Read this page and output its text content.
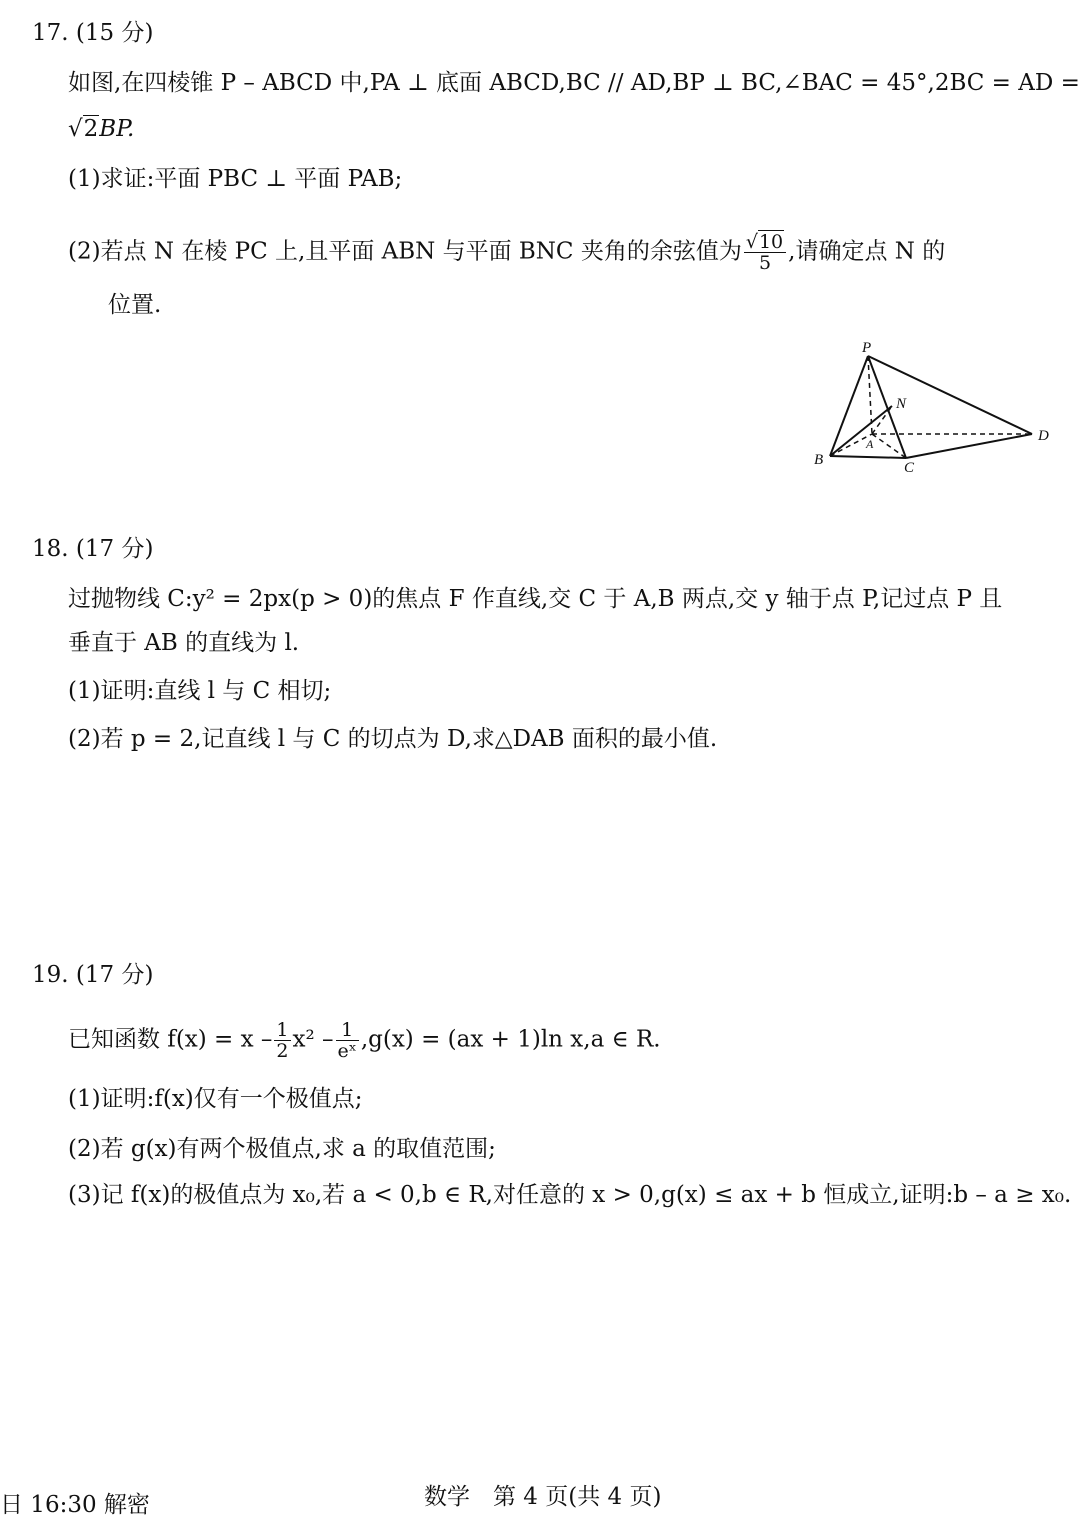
17. (15 分)
如图,在四棱锥 P – ABCD 中,PA ⊥ 底面 ABCD,BC // AD,BP ⊥ BC,∠BAC = 45°,2BC = AD =
√2BP.
(1)求证:平面 PBC ⊥ 平面 PAB;
(2)若点 N 在棱 PC 上,且平面 ABN 与平面 BNC 夹角的余弦值为 $\frac{√10}{5}$ ,请确定点 N 的
位置.
P
N
A
B	C
D
18. (17 分)
过抛物线 C:y² = 2px(p > 0)的焦点 F 作直线,交 C 于 A,B 两点,交 y 轴于点 P,记过点 P 且
垂直于 AB 的直线为 l.
(1)证明:直线 l 与 C 相切;
(2)若 p = 2,记直线 l 与 C 的切点为 D,求△DAB 面积的最小值.
19. (17 分)
已知函数 $f(x) = x - \frac{1}{2} x^2 - \frac{1}{\text{eˣ}} ,g(x) = (ax + 1)\ln$ x,a ∈ R.
(1)证明:f(x)仅有一个极值点;
(2)若 g(x)有两个极值点,求 a 的取值范围;
(3)记 f(x)的极值点为 x₀,若 a < 0,b ∈ R,对任意的 x > 0,g(x) ≤ ax + b 恒成立,证明:b – a ≥ x₀.
日 16:30 解密	数学　第 4 页(共 4 页)
